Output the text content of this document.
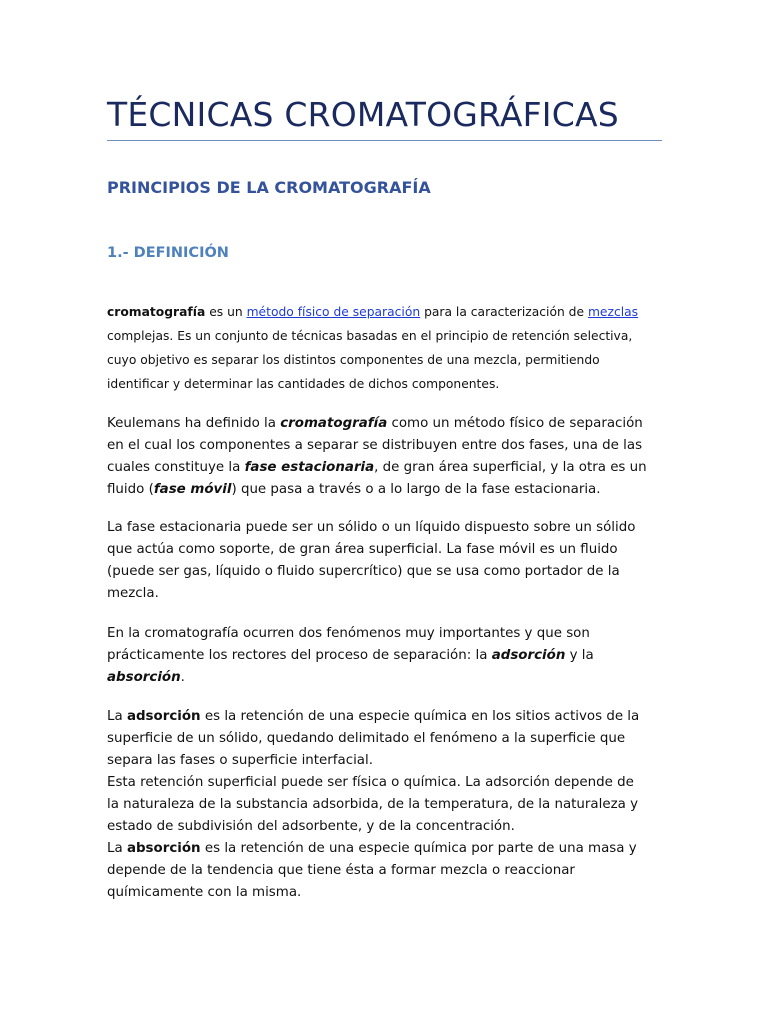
TÉCNICAS CROMATOGRÁFICAS
PRINCIPIOS DE LA CROMATOGRAFÍA
1.- DEFINICIÓN
cromatografía es un método físico de separación para la caracterización de mezclas
complejas. Es un conjunto de técnicas basadas en el principio de retención selectiva,
cuyo objetivo es separar los distintos componentes de una mezcla, permitiendo
identificar y determinar las cantidades de dichos componentes.
Keulemans ha definido la cromatografía como un método físico de separación
en el cual los componentes a separar se distribuyen entre dos fases, una de las
cuales constituye la fase estacionaria, de gran área superficial, y la otra es un
fluido (fase móvil) que pasa a través o a lo largo de la fase estacionaria.
La fase estacionaria puede ser un sólido o un líquido dispuesto sobre un sólido
que actúa como soporte, de gran área superficial. La fase móvil es un fluido
(puede ser gas, líquido o fluido supercrítico) que se usa como portador de la
mezcla.
En la cromatografía ocurren dos fenómenos muy importantes y que son
prácticamente los rectores del proceso de separación: la adsorción y la
absorción.
La adsorción es la retención de una especie química en los sitios activos de la
superficie de un sólido, quedando delimitado el fenómeno a la superficie que
separa las fases o superficie interfacial.
Esta retención superficial puede ser física o química. La adsorción depende de
la naturaleza de la substancia adsorbida, de la temperatura, de la naturaleza y
estado de subdivisión del adsorbente, y de la concentración.
La absorción es la retención de una especie química por parte de una masa y
depende de la tendencia que tiene ésta a formar mezcla o reaccionar
químicamente con la misma.
